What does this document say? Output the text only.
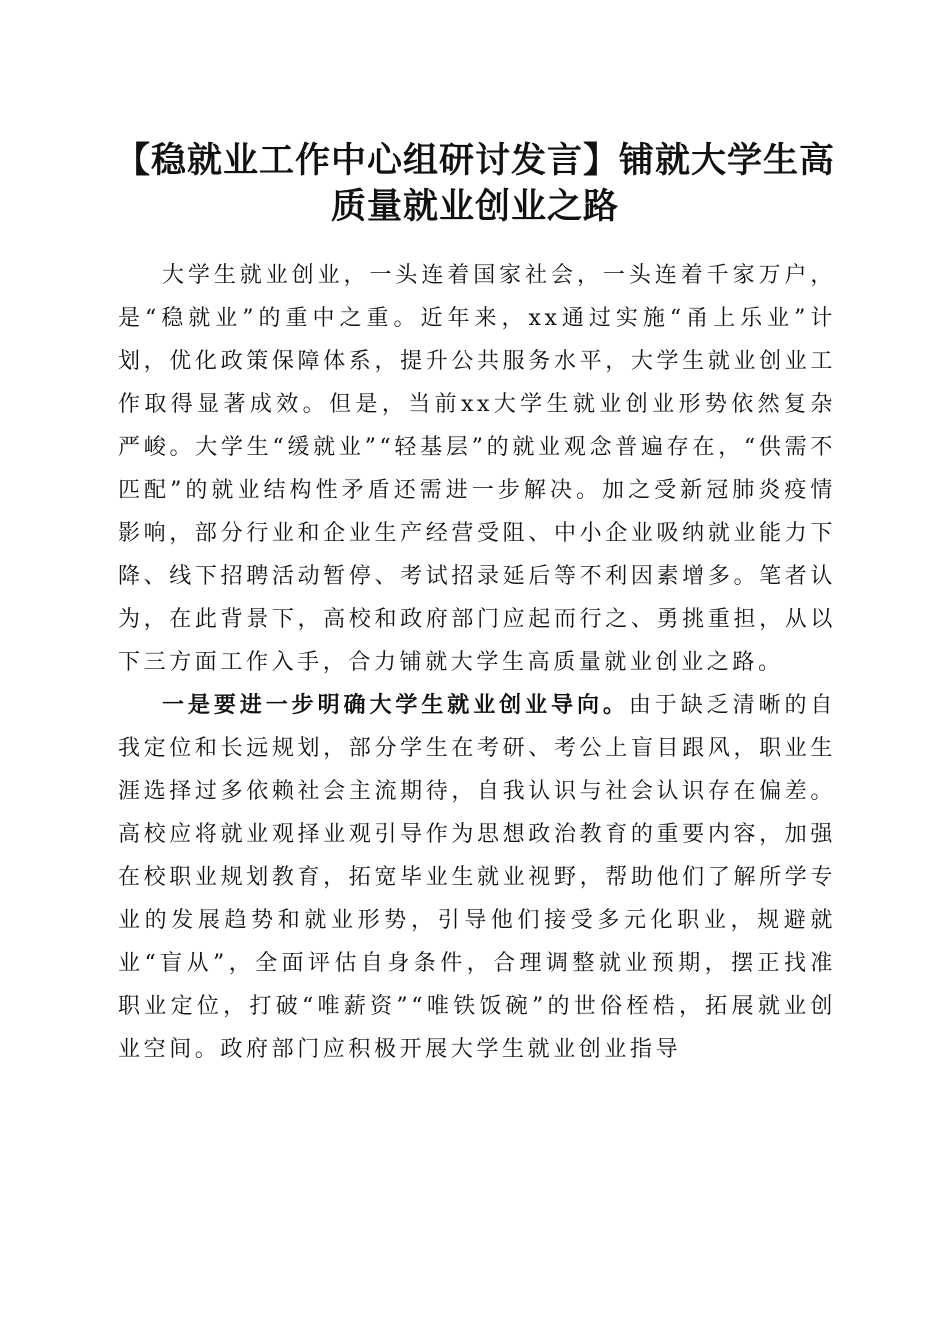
【稳就业工作中心组研讨发言】铺就大学生高
质量就业创业之路

大学生就业创业，一头连着国家社会，一头连着千家万户，是“稳就业”的重中之重。近年来，xx通过实施“甬上乐业”计划，优化政策保障体系，提升公共服务水平，大学生就业创业工作取得显著成效。但是，当前xx大学生就业创业形势依然复杂严峻。大学生“缓就业”“轻基层”的就业观念普遍存在，“供需不匹配”的就业结构性矛盾还需进一步解决。加之受新冠肺炎疫情影响，部分行业和企业生产经营受阻、中小企业吸纳就业能力下降、线下招聘活动暂停、考试招录延后等不利因素增多。笔者认为，在此背景下，高校和政府部门应起而行之、勇挑重担，从以下三方面工作入手，合力铺就大学生高质量就业创业之路。

一是要进一步明确大学生就业创业导向。由于缺乏清晰的自我定位和长远规划，部分学生在考研、考公上盲目跟风，职业生涯选择过多依赖社会主流期待，自我认识与社会认识存在偏差。高校应将就业观择业观引导作为思想政治教育的重要内容，加强在校职业规划教育，拓宽毕业生就业视野，帮助他们了解所学专业的发展趋势和就业形势，引导他们接受多元化职业，规避就业“盲从”，全面评估自身条件，合理调整就业预期，摆正找准职业定位，打破“唯薪资”“唯铁饭碗”的世俗桎梏，拓展就业创业空间。政府部门应积极开展大学生就业创业指导
